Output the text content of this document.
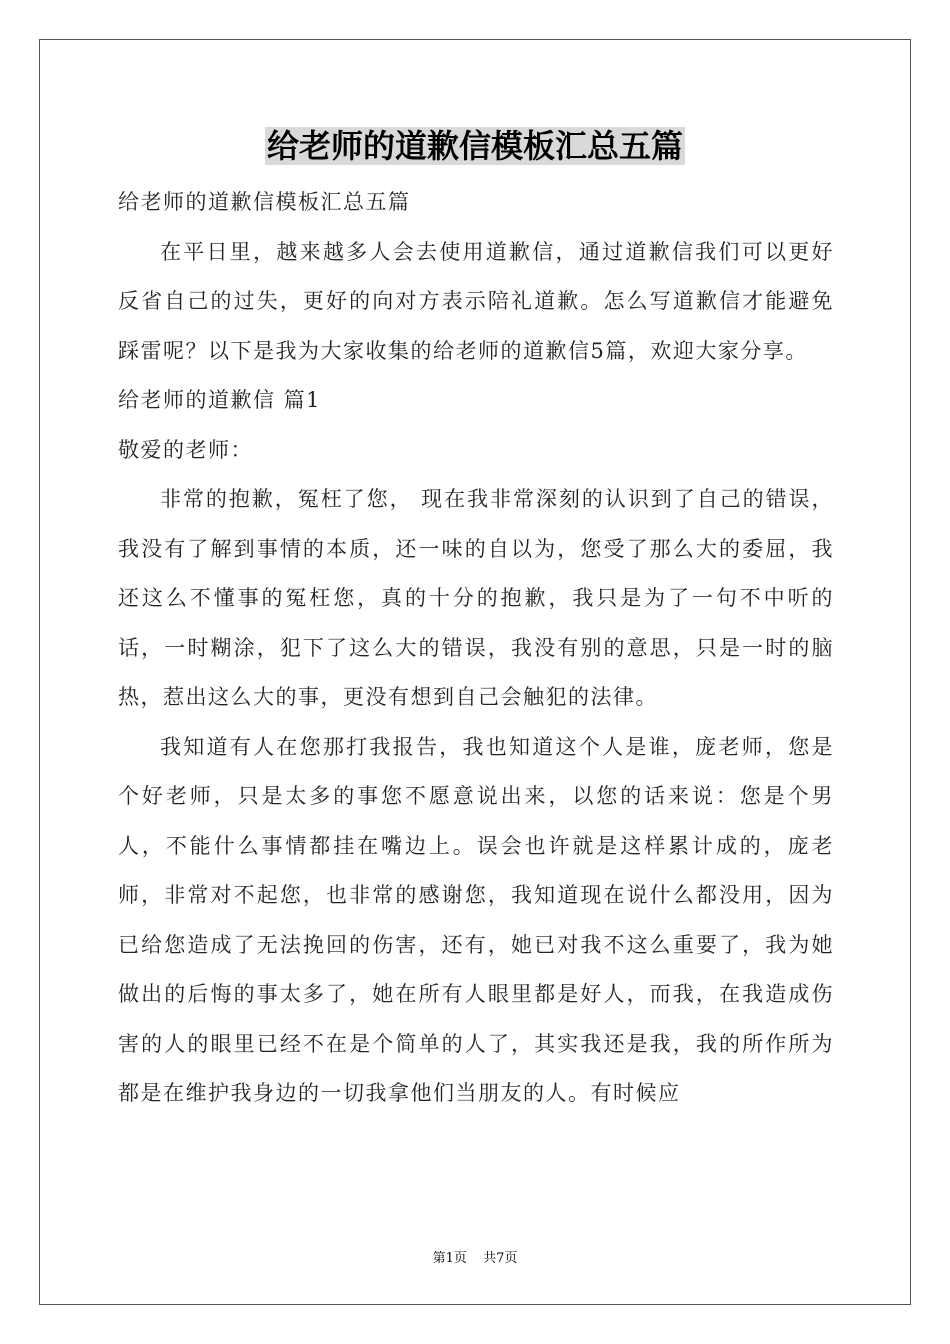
给老师的道歉信模板汇总五篇

给老师的道歉信模板汇总五篇

在平日里，越来越多人会去使用道歉信，通过道歉信我们可以更好反省自己的过失，更好的向对方表示陪礼道歉。怎么写道歉信才能避免踩雷呢？以下是我为大家收集的给老师的道歉信5篇，欢迎大家分享。

给老师的道歉信 篇1

敬爱的老师：

非常的抱歉，冤枉了您， 现在我非常深刻的认识到了自己的错误，我没有了解到事情的本质，还一味的自以为，您受了那么大的委屈，我还这么不懂事的冤枉您，真的十分的抱歉，我只是为了一句不中听的话，一时糊涂，犯下了这么大的错误，我没有别的意思，只是一时的脑热，惹出这么大的事，更没有想到自己会触犯的法律。

我知道有人在您那打我报告，我也知道这个人是谁，庞老师，您是个好老师，只是太多的事您不愿意说出来，以您的话来说：您是个男人，不能什么事情都挂在嘴边上。误会也许就是这样累计成的，庞老师，非常对不起您，也非常的感谢您，我知道现在说什么都没用，因为已给您造成了无法挽回的伤害，还有，她已对我不这么重要了，我为她做出的后悔的事太多了，她在所有人眼里都是好人，而我，在我造成伤害的人的眼里已经不在是个简单的人了，其实我还是我，我的所作所为都是在维护我身边的一切我拿他们当朋友的人。有时候应

第1页 共7页
